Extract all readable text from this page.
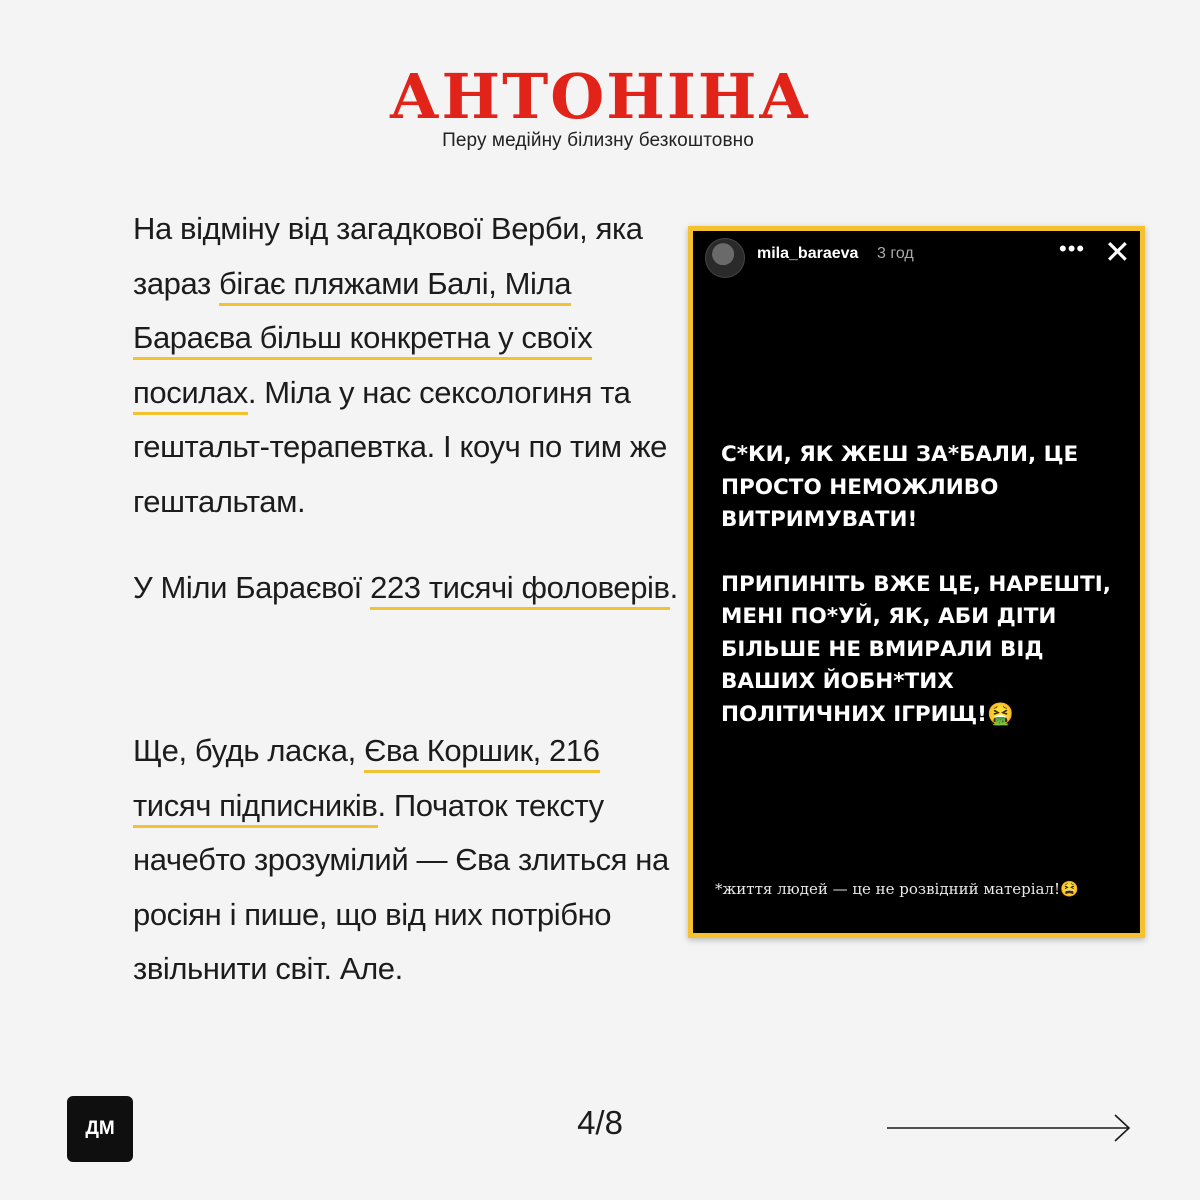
АНТОНІНА
Перу медійну білизну безкоштовно

На відміну від загадкової Верби, яка зараз бігає пляжами Балі, Міла Бараєва більш конкретна у своїх посилах. Міла у нас сексологиня та гештальт-терапевтка. І коуч по тим же гештальтам.

У Міли Бараєвої 223 тисячі фоловерів.

Ще, будь ласка, Єва Коршик, 216 тисяч підписників. Початок тексту начебто зрозумілий — Єва злиться на росіян і пише, що від них потрібно звільнити світ. Але.

mila_baraeva 3 год	••• ✕

С*КИ, ЯК ЖЕШ ЗА*БАЛИ, ЦЕ ПРОСТО НЕМОЖЛИВО ВИТРИМУВАТИ!

ПРИПИНІТЬ ВЖЕ ЦЕ, НАРЕШТІ, МЕНІ ПО*УЙ, ЯК, АБИ ДІТИ БІЛЬШЕ НЕ ВМИРАЛИ ВІД ВАШИХ ЙОБН*ТИХ ПОЛІТИЧНИХ ІГРИЩ!🤮

*життя людей — це не розвідний матеріал!😫
ДМ	4/8
